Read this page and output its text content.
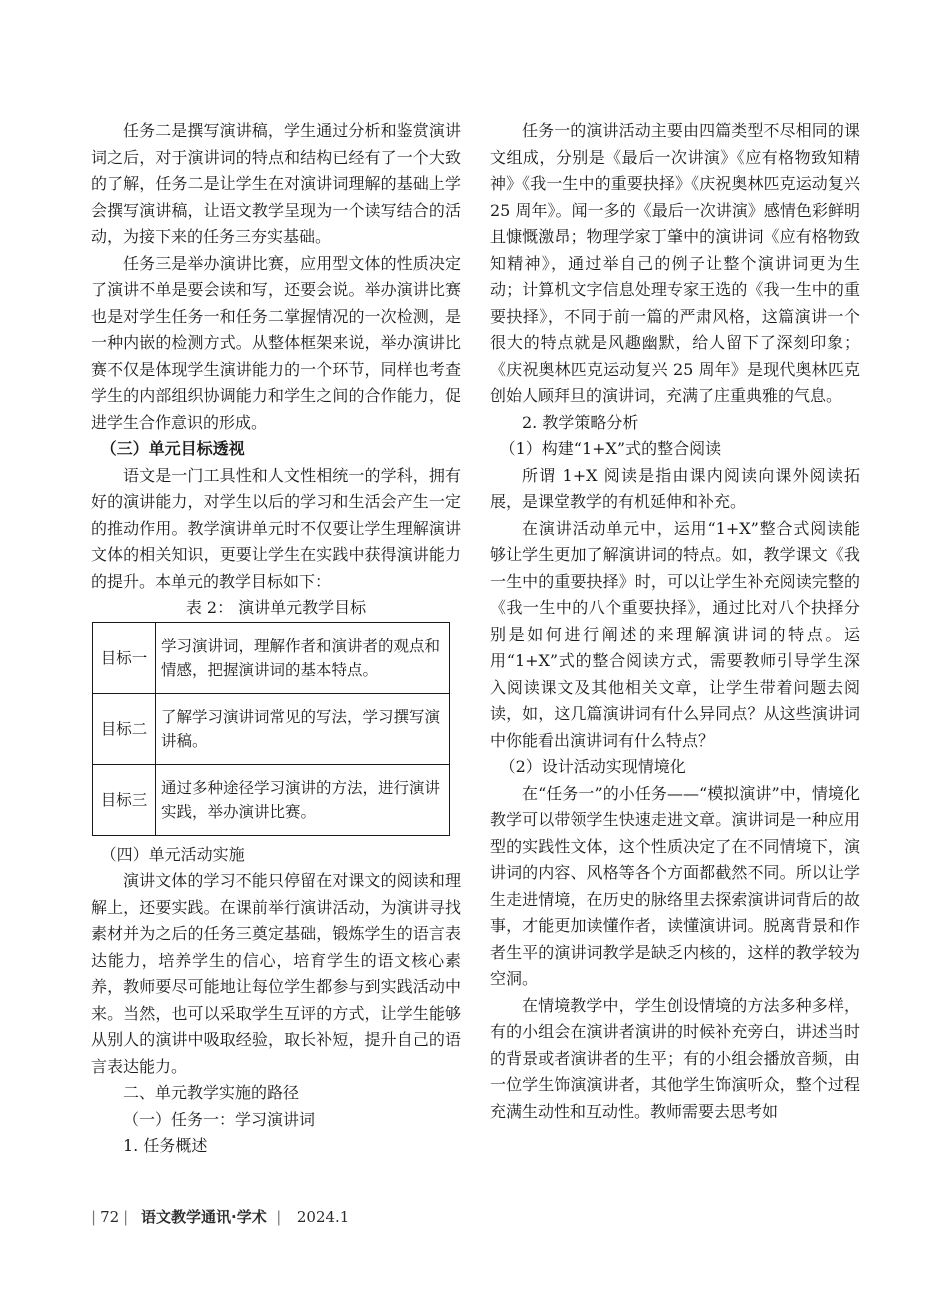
任务二是撰写演讲稿，学生通过分析和鉴赏演讲词之后，对于演讲词的特点和结构已经有了一个大致的了解，任务二是让学生在对演讲词理解的基础上学会撰写演讲稿，让语文教学呈现为一个读写结合的活动，为接下来的任务三夯实基础。

任务三是举办演讲比赛，应用型文体的性质决定了演讲不单是要会读和写，还要会说。举办演讲比赛也是对学生任务一和任务二掌握情况的一次检测，是一种内嵌的检测方式。从整体框架来说，举办演讲比赛不仅是体现学生演讲能力的一个环节，同样也考查学生的内部组织协调能力和学生之间的合作能力，促进学生合作意识的形成。

（三）单元目标透视

语文是一门工具性和人文性相统一的学科，拥有好的演讲能力，对学生以后的学习和生活会产生一定的推动作用。教学演讲单元时不仅要让学生理解演讲文体的相关知识，更要让学生在实践中获得演讲能力的提升。本单元的教学目标如下：

表 2： 演讲单元教学目标

目标一	学习演讲词，理解作者和演讲者的观点和情感，把握演讲词的基本特点。
目标二	了解学习演讲词常见的写法，学习撰写演讲稿。
目标三	通过多种途径学习演讲的方法，进行演讲实践，举办演讲比赛。

（四）单元活动实施

演讲文体的学习不能只停留在对课文的阅读和理解上，还要实践。在课前举行演讲活动，为演讲寻找素材并为之后的任务三奠定基础，锻炼学生的语言表达能力，培养学生的信心，培育学生的语文核心素养，教师要尽可能地让每位学生都参与到实践活动中来。当然，也可以采取学生互评的方式，让学生能够从别人的演讲中吸取经验，取长补短，提升自己的语言表达能力。

二、单元教学实施的路径

（一）任务一：学习演讲词

1. 任务概述

任务一的演讲活动主要由四篇类型不尽相同的课文组成，分别是《最后一次讲演》《应有格物致知精神》《我一生中的重要抉择》《庆祝奥林匹克运动复兴 25 周年》。闻一多的《最后一次讲演》感情色彩鲜明且慷慨激昂；物理学家丁肇中的演讲词《应有格物致知精神》，通过举自己的例子让整个演讲词更为生动；计算机文字信息处理专家王选的《我一生中的重要抉择》，不同于前一篇的严肃风格，这篇演讲一个很大的特点就是风趣幽默，给人留下了深刻印象；《庆祝奥林匹克运动复兴 25 周年》是现代奥林匹克创始人顾拜旦的演讲词，充满了庄重典雅的气息。

2. 教学策略分析

（1）构建“1+X”式的整合阅读

所谓 1+X 阅读是指由课内阅读向课外阅读拓展，是课堂教学的有机延伸和补充。

在演讲活动单元中，运用“1+X”整合式阅读能够让学生更加了解演讲词的特点。如，教学课文《我一生中的重要抉择》时，可以让学生补充阅读完整的《我一生中的八个重要抉择》，通过比对八个抉择分别是如何进行阐述的来理解演讲词的特点。运用“1+X”式的整合阅读方式，需要教师引导学生深入阅读课文及其他相关文章，让学生带着问题去阅读，如，这几篇演讲词有什么异同点？从这些演讲词中你能看出演讲词有什么特点？

（2）设计活动实现情境化

在“任务一”的小任务——“模拟演讲”中，情境化教学可以带领学生快速走进文章。演讲词是一种应用型的实践性文体，这个性质决定了在不同情境下，演讲词的内容、风格等各个方面都截然不同。所以让学生走进情境，在历史的脉络里去探索演讲词背后的故事，才能更加读懂作者，读懂演讲词。脱离背景和作者生平的演讲词教学是缺乏内核的，这样的教学较为空洞。

在情境教学中，学生创设情境的方法多种多样，有的小组会在演讲者演讲的时候补充旁白，讲述当时的背景或者演讲者的生平；有的小组会播放音频，由一位学生饰演演讲者，其他学生饰演听众，整个过程充满生动性和互动性。教师需要去思考如

| 72 | 语文教学通讯·学术  |  2024.1
